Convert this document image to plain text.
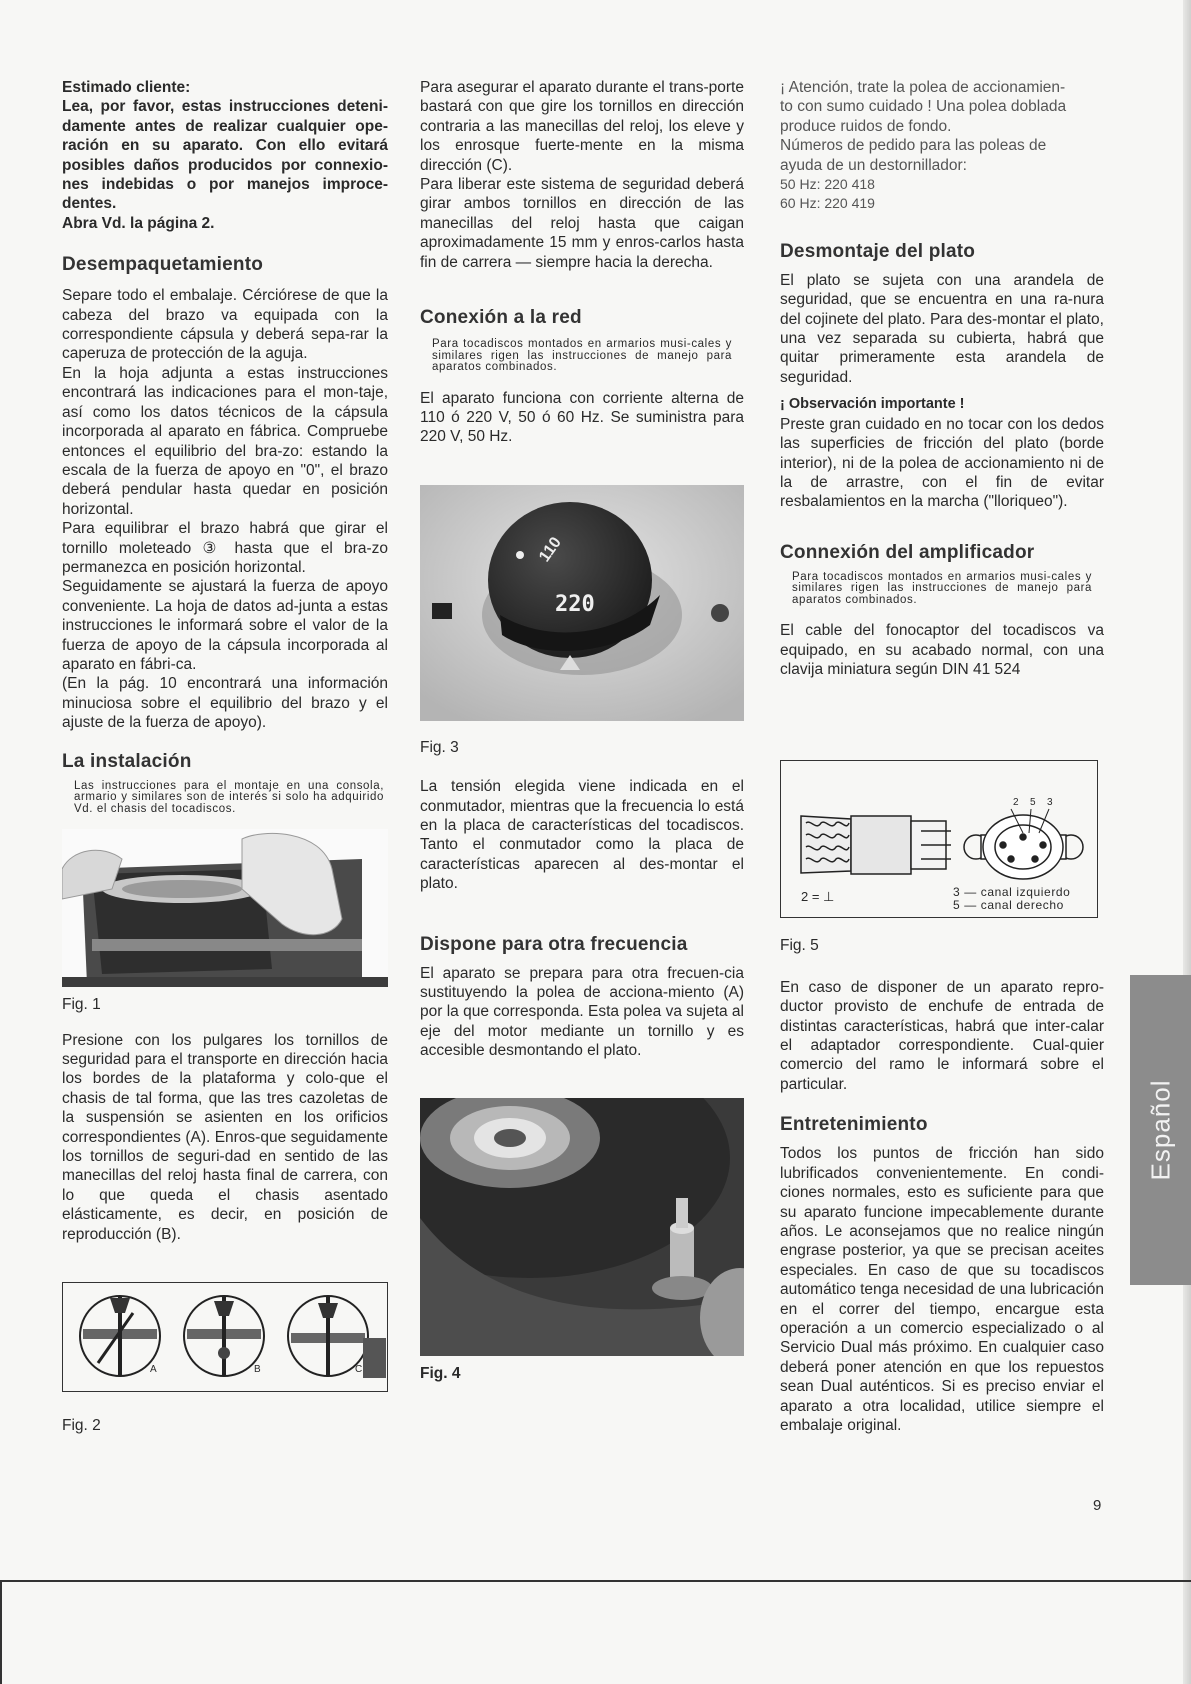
Estimado cliente:

Lea, por favor, estas instrucciones deteni-damente antes de realizar cualquier ope-ración en su aparato. Con ello evitará posibles daños producidos por connexio-nes indebidas o por manejos improce-dentes.

Abra Vd. la página 2.

Desempaquetamiento

Separe todo el embalaje. Cérciórese de que la cabeza del brazo va equipada con la correspondiente cápsula y deberá sepa-rar la caperuza de protección de la aguja.

En la hoja adjunta a estas instrucciones encontrará las indicaciones para el mon-taje, así como los datos técnicos de la cápsula incorporada al aparato en fábrica. Compruebe entonces el equilibrio del bra-zo: estando la escala de la fuerza de apoyo en "0", el brazo deberá pendular hasta quedar en posición horizontal.

Para equilibrar el brazo habrá que girar el tornillo moleteado ③ hasta que el bra-zo permanezca en posición horizontal.

Seguidamente se ajustará la fuerza de apoyo conveniente. La hoja de datos ad-junta a estas instrucciones le informará sobre el valor de la fuerza de apoyo de la cápsula incorporada al aparato en fábri-ca.

(En la pág. 10 encontrará una información minuciosa sobre el equilibrio del brazo y el ajuste de la fuerza de apoyo).

La instalación

Las instrucciones para el montaje en una consola, armario y similares son de interés si solo ha adquirido Vd. el chasis del tocadiscos.

Fig. 1

Presione con los pulgares los tornillos de seguridad para el transporte en dirección hacia los bordes de la plataforma y colo-que el chasis de tal forma, que las tres cazoletas de la suspensión se asienten en los orificios correspondientes (A). Enros-que seguidamente los tornillos de seguri-dad en sentido de las manecillas del reloj hasta final de carrera, con lo que queda el chasis asentado elásticamente, es decir, en posición de reproducción (B).

A	B	C

Fig. 2

Para asegurar el aparato durante el trans-porte bastará con que gire los tornillos en dirección contraria a las manecillas del reloj, los eleve y los enrosque fuerte-mente en la misma dirección (C).

Para liberar este sistema de seguridad deberá girar ambos tornillos en dirección de las manecillas del reloj hasta que caigan aproximadamente 15 mm y enros-carlos hasta fin de carrera — siempre hacia la derecha.

Conexión a la red

Para tocadiscos montados en armarios musi-cales y similares rigen las instrucciones de manejo para aparatos combinados.

El aparato funciona con corriente alterna de 110 ó 220 V, 50 ó 60 Hz. Se suministra para 220 V, 50 Hz.

110
220

Fig. 3

La tensión elegida viene indicada en el conmutador, mientras que la frecuencia lo está en la placa de características del tocadiscos. Tanto el conmutador como la placa de características aparecen al des-montar el plato.

Dispone para otra frecuencia

El aparato se prepara para otra frecuen-cia sustituyendo la polea de acciona-miento (A) por la que corresponda. Esta polea va sujeta al eje del motor mediante un tornillo y es accesible desmontando el plato.

Fig. 4

¡ Atención, trate la polea de accionamien-
to con sumo cuidado ! Una polea doblada
produce ruidos de fondo.
Números de pedido para las poleas de
ayuda de un destornillador:
50 Hz: 220 418
60 Hz: 220 419
Desmontaje del plato

El plato se sujeta con una arandela de seguridad, que se encuentra en una ra-nura del cojinete del plato. Para des-montar el plato, una vez separada su cubierta, habrá que quitar primeramente esta arandela de seguridad.

¡ Observación importante !

Preste gran cuidado en no tocar con los dedos las superficies de fricción del plato (borde interior), ni de la polea de accionamiento ni de la de arrastre, con el fin de evitar resbalamientos en la marcha ("lloriqueo").

Connexión del amplificador

Para tocadiscos montados en armarios musi-cales y similares rigen las instrucciones de manejo para aparatos combinados.

El cable del fonocaptor del tocadiscos va equipado, en su acabado normal, con una clavija miniatura según DIN 41 524

2 5 3
2 = ⊥	3 — canal izquierdo
5 — canal derecho

Fig. 5

En caso de disponer de un aparato repro-ductor provisto de enchufe de entrada de distintas características, habrá que inter-calar el adaptador correspondiente. Cual-quier comercio del ramo le informará sobre el particular.

Entretenimiento

Todos los puntos de fricción han sido lubrificados convenientemente. En condi-ciones normales, esto es suficiente para que su aparato funcione impecablemente durante años. Le aconsejamos que no realice ningún engrase posterior, ya que se precisan aceites especiales. En caso de que su tocadiscos automático tenga necesidad de una lubricación en el correr del tiempo, encargue esta operación a un comercio especializado o al Servicio Dual más próximo. En cualquier caso deberá poner atención en que los repuestos sean Dual auténticos. Si es preciso enviar el aparato a otra localidad, utilice siempre el embalaje original.

Español
9
